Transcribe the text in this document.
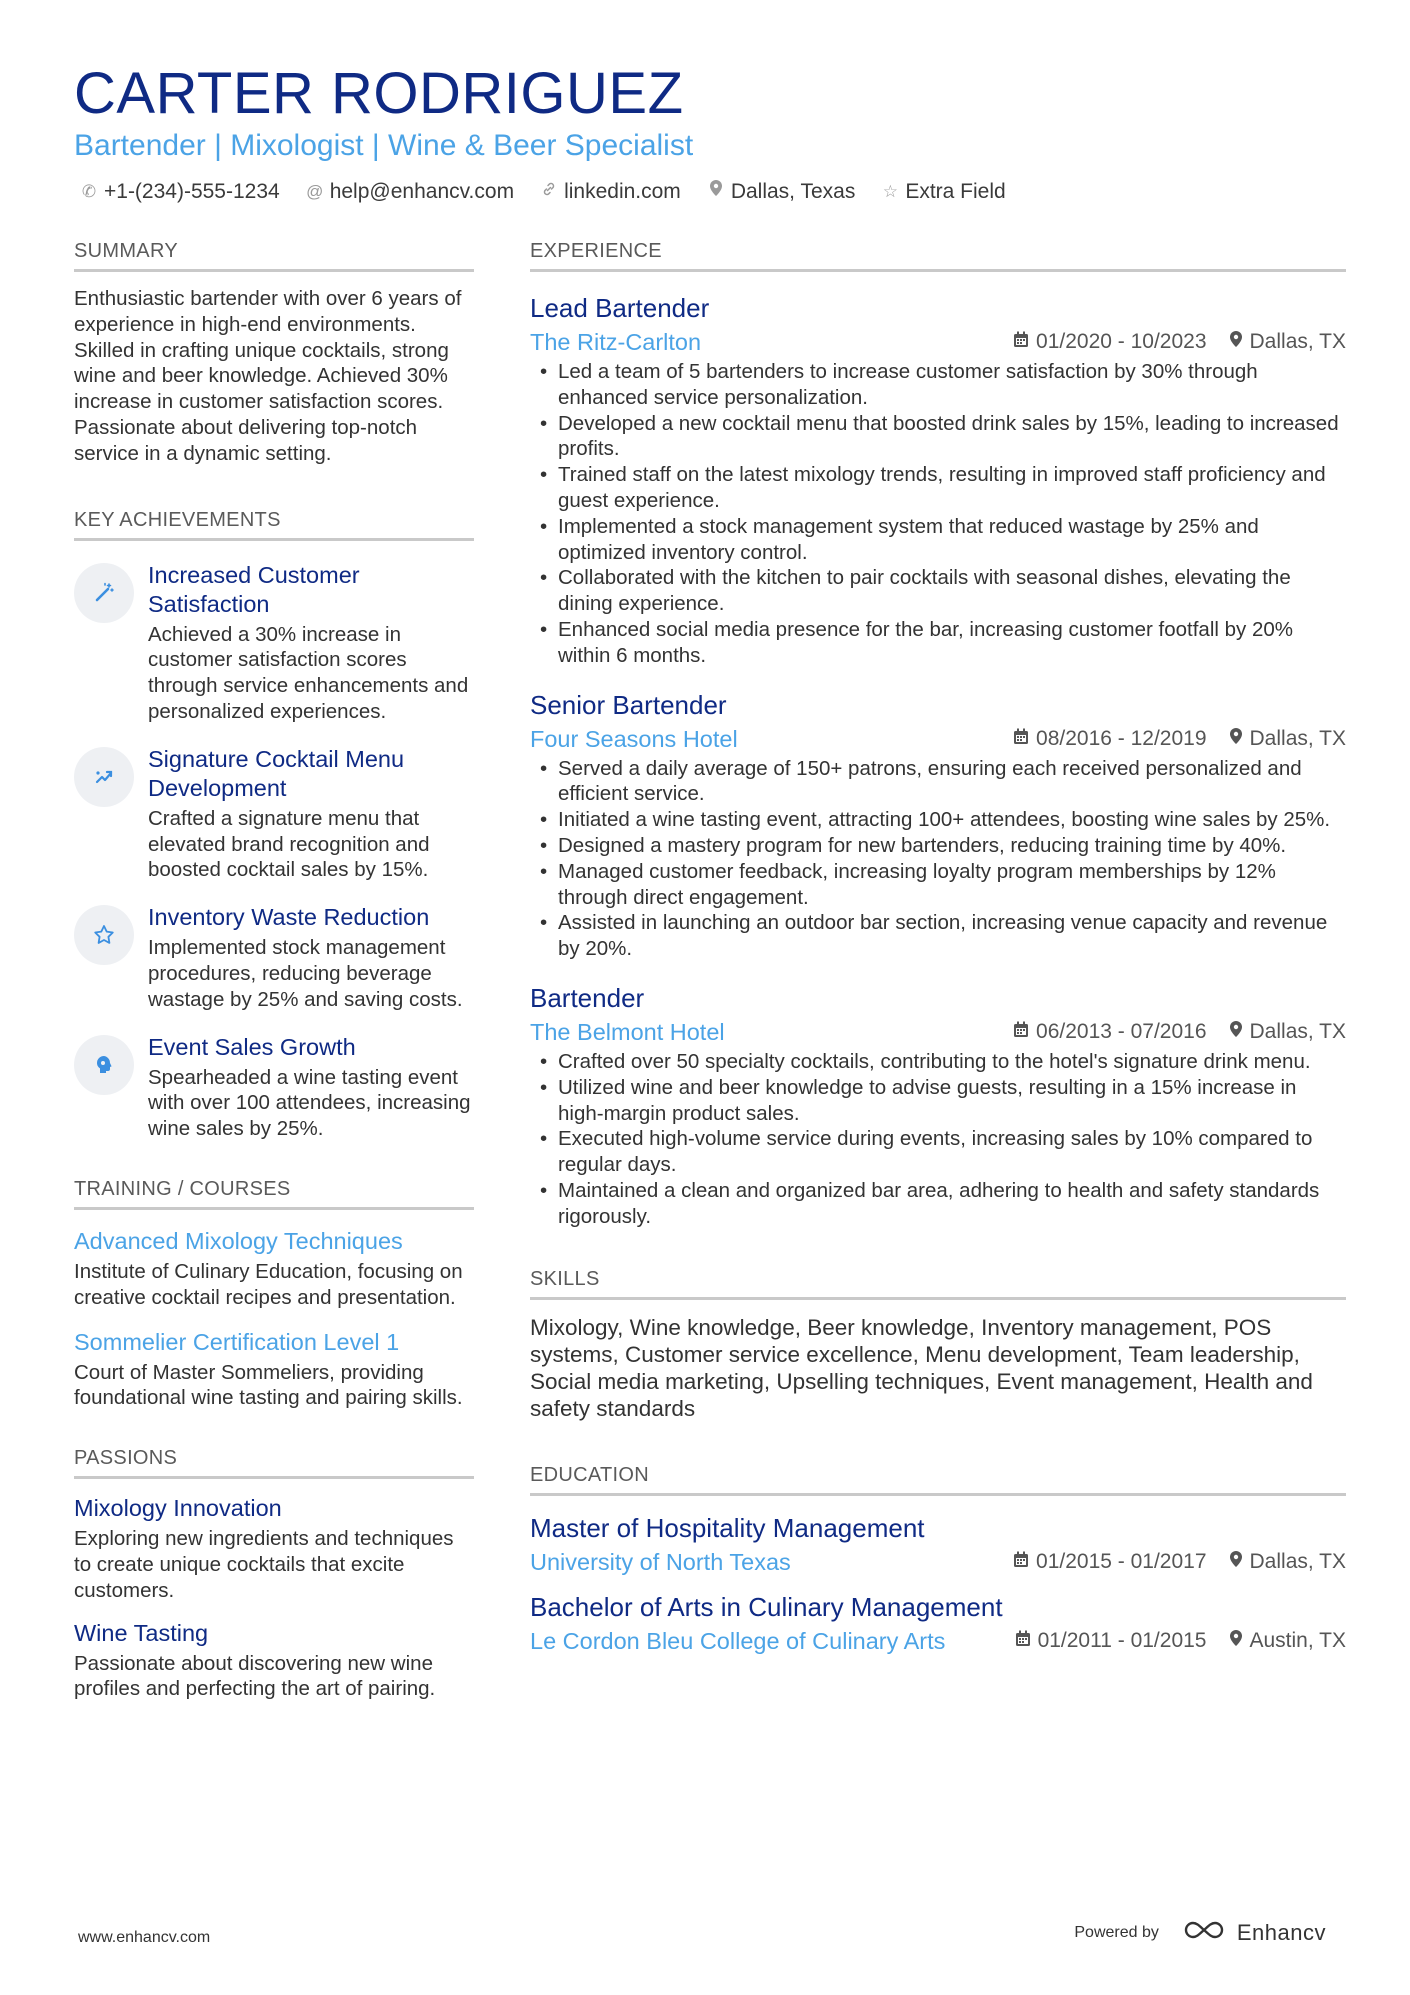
CARTER RODRIGUEZ
Bartender | Mixologist | Wine & Beer Specialist
✆ +1-(234)-555-1234 @ help@enhancv.com linkedin.com Dallas, Texas ☆ Extra Field
SUMMARY
Enthusiastic bartender with over 6 years of experience in high-end environments. Skilled in crafting unique cocktails, strong wine and beer knowledge. Achieved 30% increase in customer satisfaction scores. Passionate about delivering top-notch service in a dynamic setting.
KEY ACHIEVEMENTS
Increased Customer Satisfaction
Achieved a 30% increase in customer satisfaction scores through service enhancements and personalized experiences.
Signature Cocktail Menu Development
Crafted a signature menu that elevated brand recognition and boosted cocktail sales by 15%.
Inventory Waste Reduction
Implemented stock management procedures, reducing beverage wastage by 25% and saving costs.
Event Sales Growth
Spearheaded a wine tasting event with over 100 attendees, increasing wine sales by 25%.
TRAINING / COURSES
Advanced Mixology Techniques
Institute of Culinary Education, focusing on creative cocktail recipes and presentation.
Sommelier Certification Level 1
Court of Master Sommeliers, providing foundational wine tasting and pairing skills.
PASSIONS
Mixology Innovation
Exploring new ingredients and techniques to create unique cocktails that excite customers.
Wine Tasting
Passionate about discovering new wine profiles and perfecting the art of pairing.
EXPERIENCE
Lead Bartender
The Ritz-Carlton	01/2020 - 10/2023 Dallas, TX
• Led a team of 5 bartenders to increase customer satisfaction by 30% through enhanced service personalization.
• Developed a new cocktail menu that boosted drink sales by 15%, leading to increased profits.
• Trained staff on the latest mixology trends, resulting in improved staff proficiency and guest experience.
• Implemented a stock management system that reduced wastage by 25% and optimized inventory control.
• Collaborated with the kitchen to pair cocktails with seasonal dishes, elevating the dining experience.
• Enhanced social media presence for the bar, increasing customer footfall by 20% within 6 months.
Senior Bartender
Four Seasons Hotel	08/2016 - 12/2019 Dallas, TX
• Served a daily average of 150+ patrons, ensuring each received personalized and efficient service.
• Initiated a wine tasting event, attracting 100+ attendees, boosting wine sales by 25%.
• Designed a mastery program for new bartenders, reducing training time by 40%.
• Managed customer feedback, increasing loyalty program memberships by 12% through direct engagement.
• Assisted in launching an outdoor bar section, increasing venue capacity and revenue by 20%.
Bartender
The Belmont Hotel	06/2013 - 07/2016 Dallas, TX
• Crafted over 50 specialty cocktails, contributing to the hotel's signature drink menu.
• Utilized wine and beer knowledge to advise guests, resulting in a 15% increase in high-margin product sales.
• Executed high-volume service during events, increasing sales by 10% compared to regular days.
• Maintained a clean and organized bar area, adhering to health and safety standards rigorously.
SKILLS
Mixology, Wine knowledge, Beer knowledge, Inventory management, POS systems, Customer service excellence, Menu development, Team leadership, Social media marketing, Upselling techniques, Event management, Health and safety standards
EDUCATION
Master of Hospitality Management
University of North Texas	01/2015 - 01/2017 Dallas, TX
Bachelor of Arts in Culinary Management
Le Cordon Bleu College of Culinary Arts	01/2011 - 01/2015 Austin, TX
www.enhancv.com	Powered by	Enhancv
